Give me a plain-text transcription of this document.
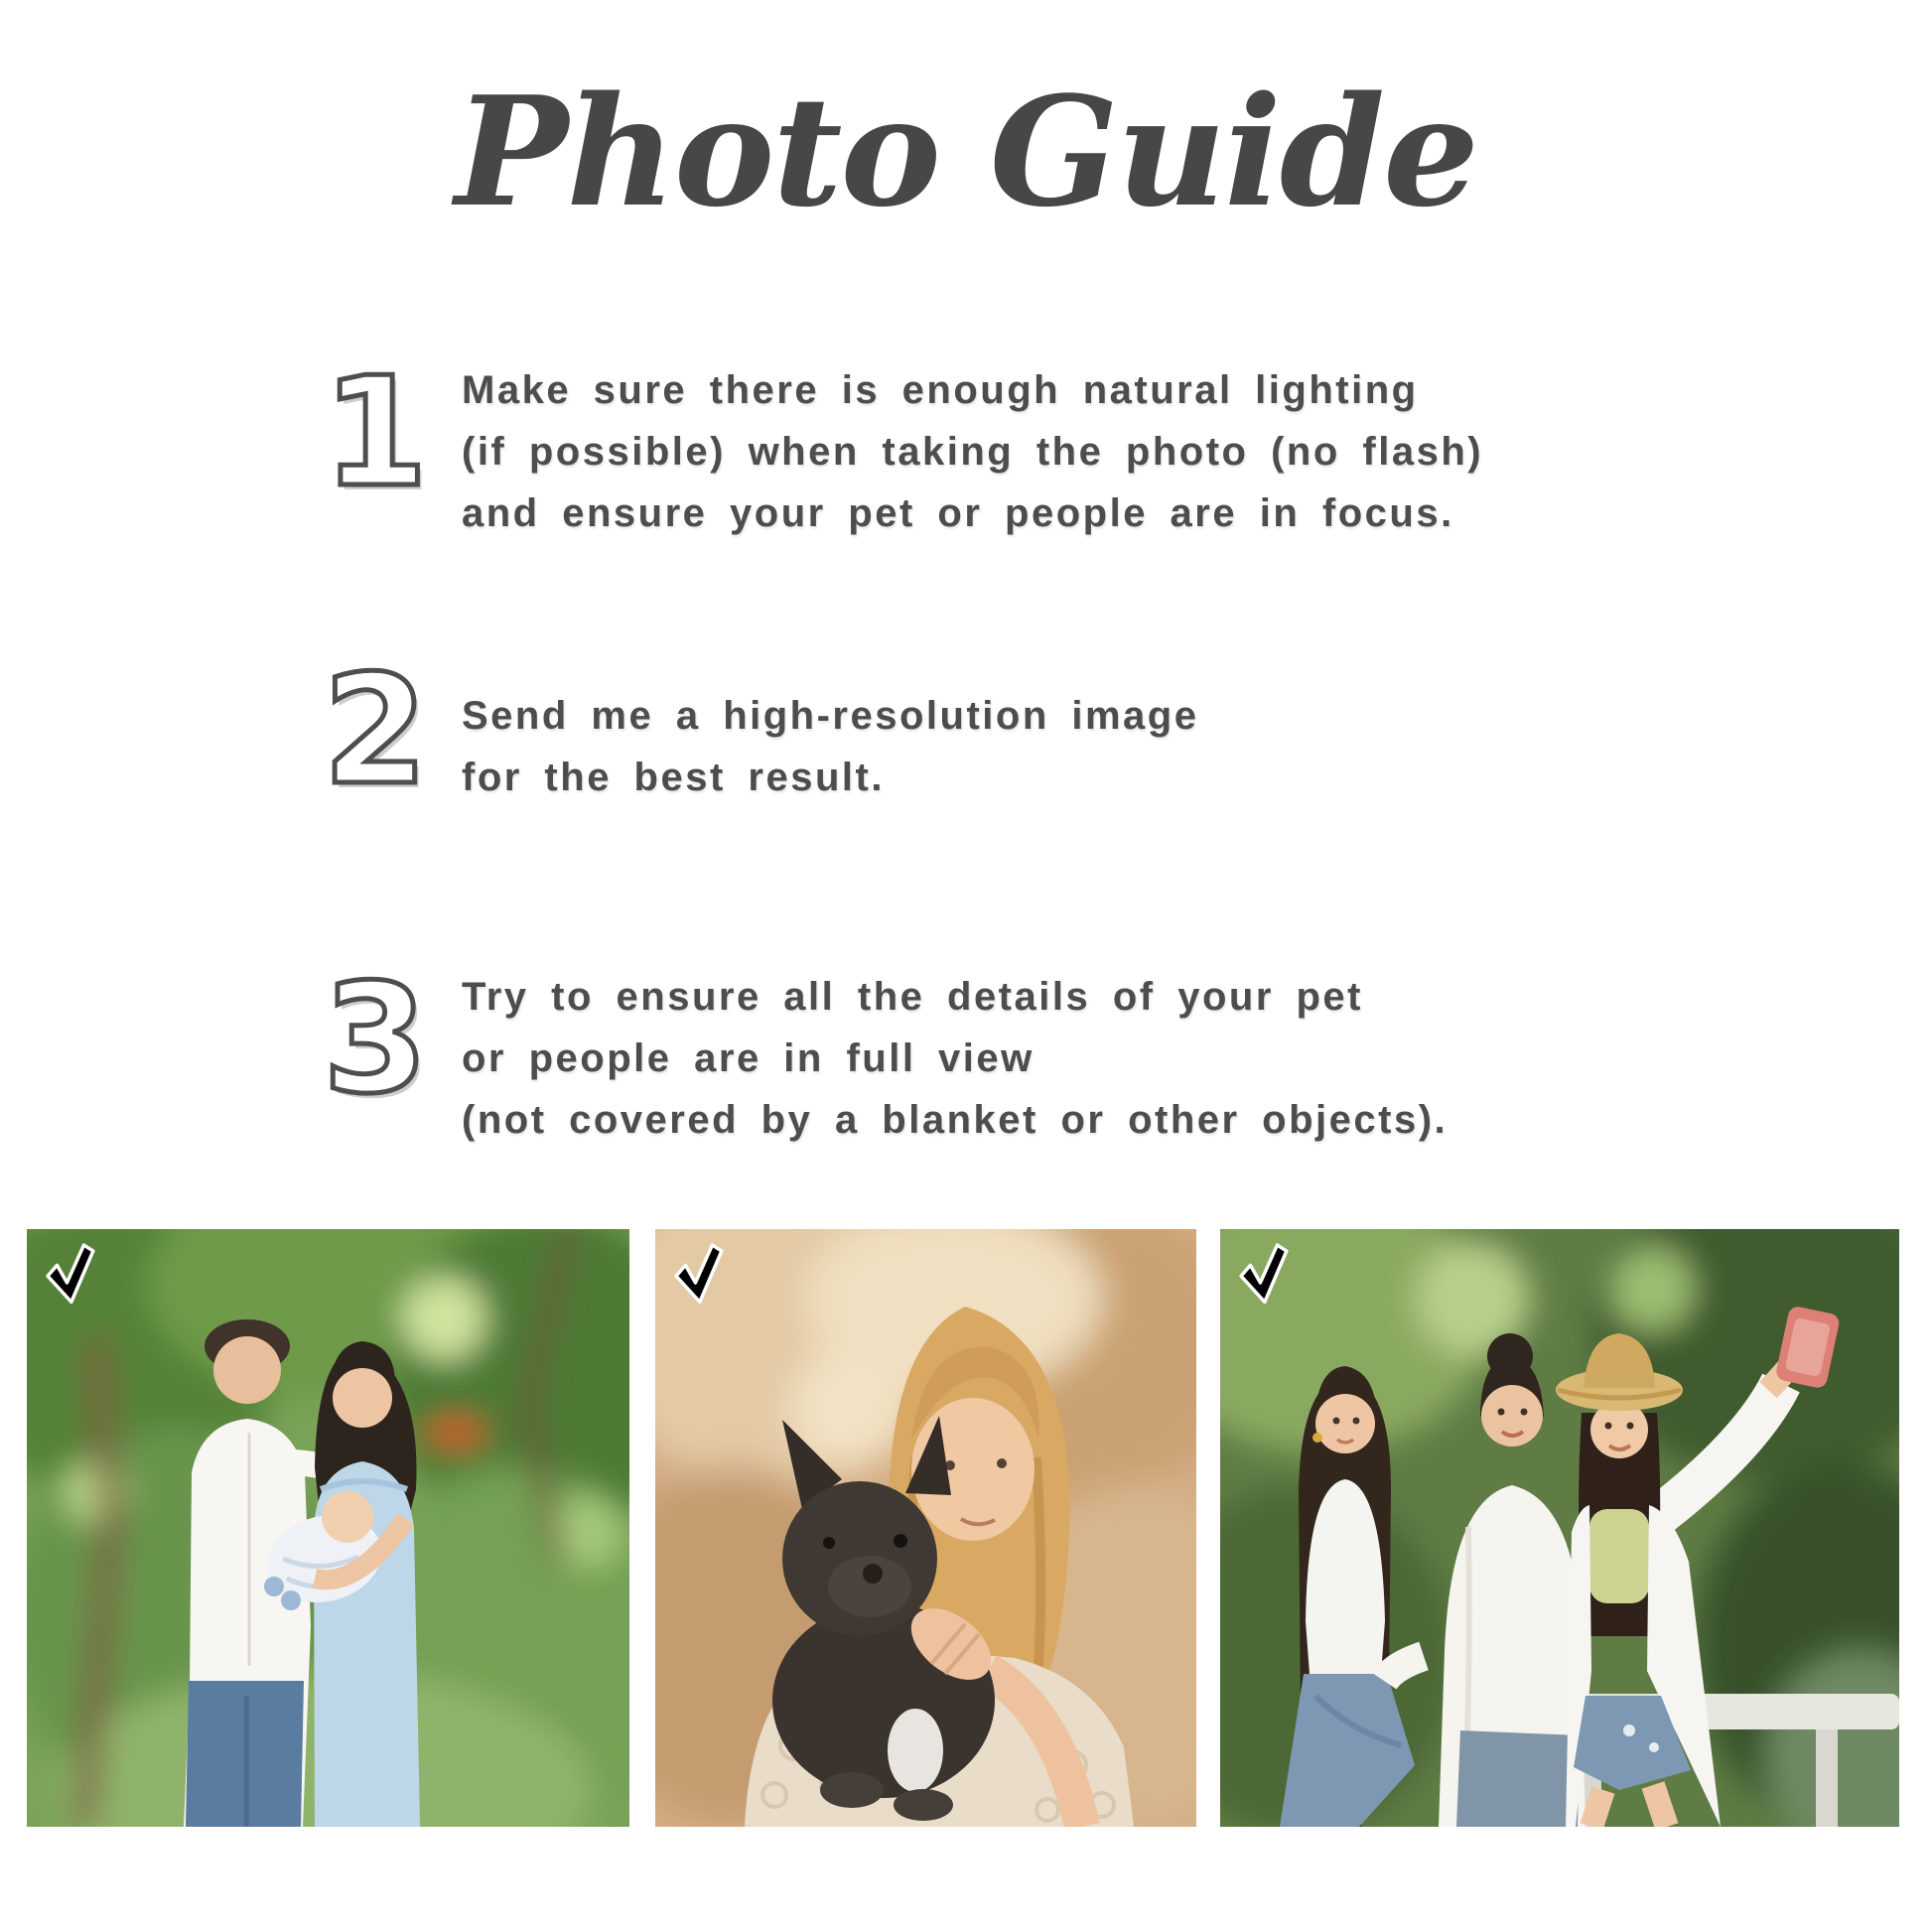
Photo Guide
1 Make sure there is enough natural lighting
(if possible) when taking the photo (no flash)
and ensure your pet or people are in focus.
2 Send me a high-resolution image
for the best result.
3 Try to ensure all the details of your pet
or people are in full view
(not covered by a blanket or other objects).
